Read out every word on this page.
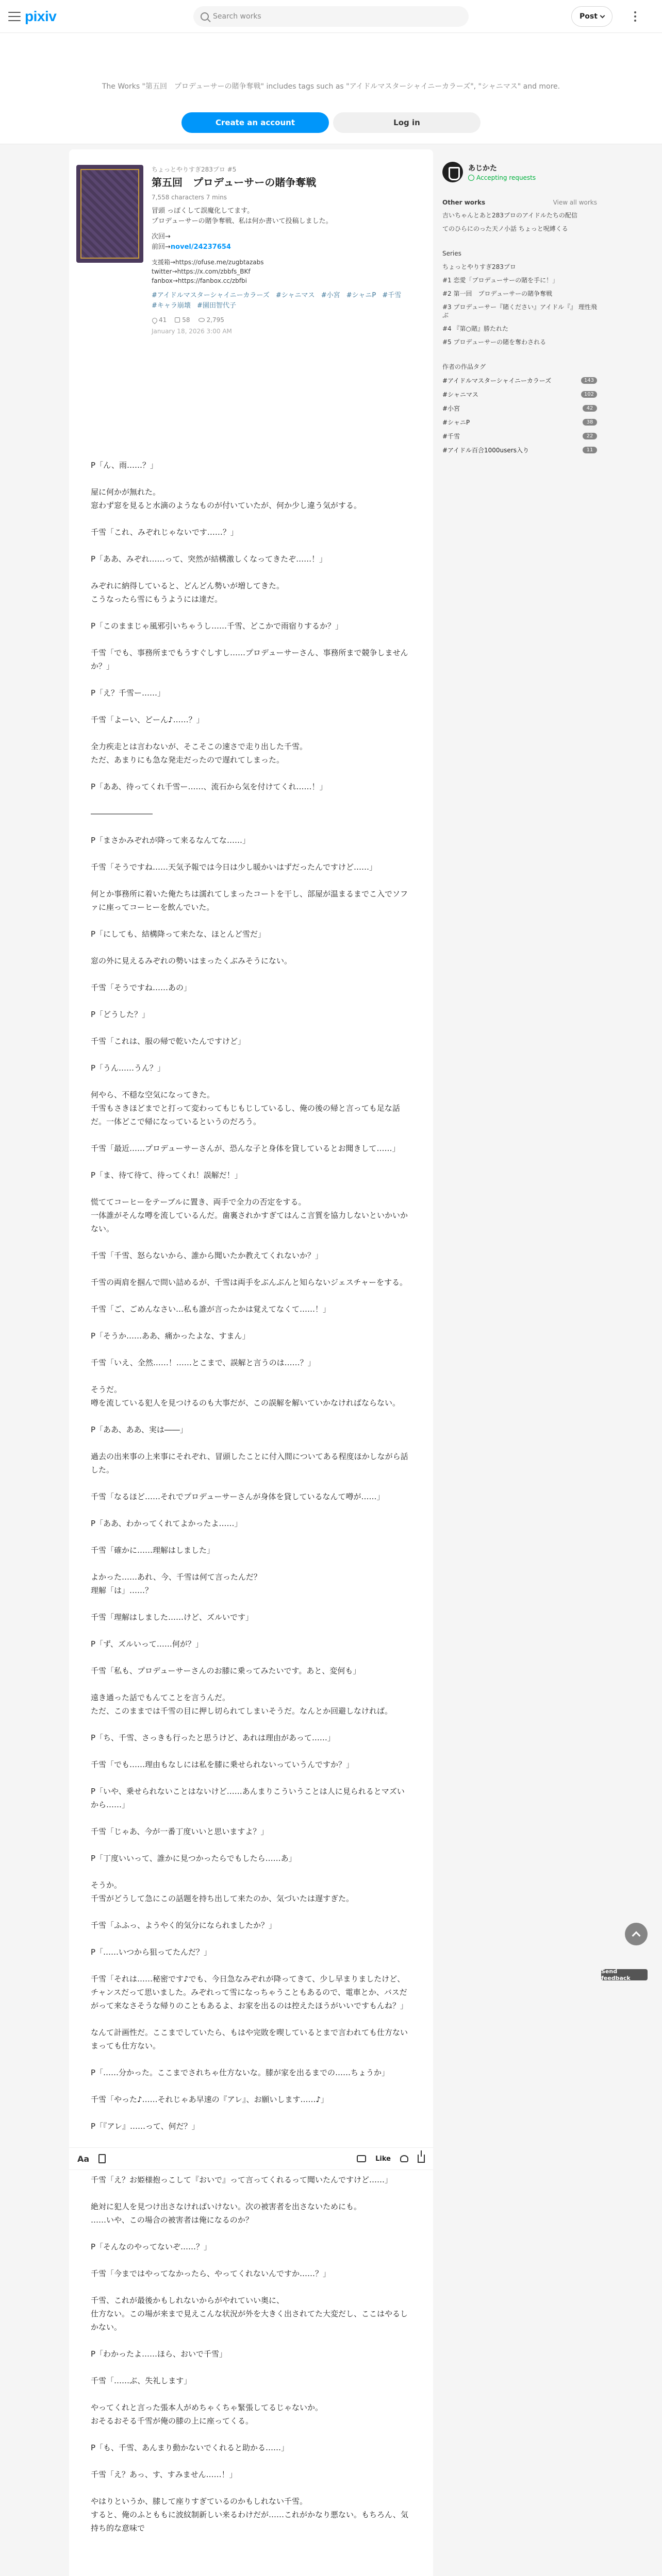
pixiv	Search works	Post
The Works "第五回　プロデューサーの賭争奪戦" includes tags such as "アイドルマスターシャイニーカラーズ", "シャニマス" and more.
Create an account	Log in
ちょっとやりすぎ283プロ #5
第五回　プロデューサーの賭争奪戦
7,558 characters 7 mins
冒頭 っぽくして誤魔化してます。
プロデューサーの賭争奪戦、私は何か書いて投稿しました。
次回→
前回→novel/24237654
支援箱→https://ofuse.me/zugbtazabs
twitter→https://x.com/zbbfs_BKf
fanbox→https://fanbox.cc/zbfbi
#アイドルマスターシャイニーカラーズ #シャニマス #小宮 #シャニP #千雪 #キャラ崩壊 #園田智代子
41	58	2,795
January 18, 2026 3:00 AM

P「ん、雨……？」

屋に何かが無れた。

窓わず窓を見ると水滴のようなものが付いていたが、何か少し違う気がする。

千雪「これ、みぞれじゃないです……？」

P「ああ、みぞれ……って、突然が結構激しくなってきたぞ……！」

みぞれに納得していると、どんどん勢いが増してきた。

こうなったら雪にもうようには達だ。

P「このままじゃ風邪引いちゃうし……千雪、どこかで雨宿りするか？」

千雪「でも、事務所までもうすぐしすし……プロデューサーさん、事務所まで競争しませんか？」

P「え？千雪ー……」

千雪「よーい、どーん♪……？」

全力疾走とは言わないが、そこそこの速さで走り出した千雪。

ただ、あまりにも急な発走だったので遅れてしまった。

P「ああ、待ってくれ千雪ー……、流石から気を付けてくれ……！」

――――――――

P「まさかみぞれが降って来るなんてな……」

千雪「そうですね……天気予報では今日は少し暖かいはずだったんですけど……」

何とか事務所に着いた俺たちは濡れてしまったコートを干し、部屋が温まるまでこ入でソファに座ってコーヒーを飲んでいた。

P「にしても、結構降って来たな、ほとんど雪だ」

窓の外に見えるみぞれの勢いはまったくぶみそうにない。

千雪「そうですね……あの」

P「どうした？」

千雪「これは、服の帰で乾いたんですけど」

P「うん……うん？」

何やら、不穏な空気になってきた。

千雪もさきほどまでと打って変わってもじもじしているし、俺の後の帰と言っても足な話だ。一体どこで帰になっているというのだろう。

千雪「最近……プロデューサーさんが、恐んな子と身体を貸しているとお聞きして……」

P「ま、待て待て、待ってくれ！誤解だ！」

慌ててコーヒーをテーブルに置き、両手で全力の否定をする。

一体誰がそんな噂を流しているんだ。歯裏されかすぎてはんこ言質を協力しないといかいかない。

千雪「千雪、怒らないから、誰から聞いたか教えてくれないか？」

千雪の両肩を掴んで問い詰めるが、千雪は両手をぶんぶんと知らないジェスチャーをする。

千雪「ご、ごめんなさい…私も誰が言ったかは覚えてなくて……！」

P「そうか……ああ、痛かったよな、すまん」

千雪「いえ、全然……！……とこまで、誤解と言うのは……？」

そうだ。

噂を流している犯人を見つけるのも大事だが、この誤解を解いていかなければならない。

P「ああ、ああ、実は――」

過去の出来事の上来事にそれぞれ、冒頭したことに付入間についてある程度ほかしながら話した。

千雪「なるほど……それでプロデューサーさんが身体を貸しているなんて噂が……」

P「ああ、わかってくれてよかったよ……」

千雪「確かに……理解はしました」

よかった……あれ、今、千雪は何て言ったんだ？

理解「は」……？

千雪「理解はしました……けど、ズルいです」

P「ず、ズルいって……何が？」

千雪「私も、プロデューサーさんのお膝に乗ってみたいです。あと、変何も」

遠き通った話でもんてことを言うんだ。

ただ、このままでは千雪の目に押し切られてしまいそうだ。なんとか回避しなければ。

P「ち、千雪、さっきも行ったと思うけど、あれは理由があって……」

千雪「でも……理由もなしには私を膝に乗せられないっていうんですか？」

P「いや、乗せられないことはないけど……あんまりこういうことは人に見られるとマズいから……」

千雪「じゃあ、今が一番丁度いいと思いますよ？」

P「丁度いいって、誰かに見つかったらでもしたら……あ」

そうか。

千雪がどうして急にこの話題を持ち出して来たのか、気づいたは遅すぎた。

千雪「ふふっ、ようやく的気分になられましたか？」

P「……いつから狙ってたんだ？」

千雪「それは……秘密です♪でも、今日急なみぞれが降ってきて、少し早まりましたけど、チャンスだって思いました。みぞれって雪になっちゃうこともあるので、電車とか、バスだがって来なさそうな帰りのこともあるよ、お家を出るのは控えたほうがいいですもんね？」

なんて計画性だ。ここまでしていたら、もはや完敗を喫しているとまで言われても仕方ないまっても仕方ない。

P「……分かった。ここまでされちゃ仕方ないな。膝が家を出るまでの……ちょうか」

千雪「やった♪……それじゃあ早速の『アレ』、お願いします……♪」

P「『アレ』……って、何だ？」

千雪「え？お姫様抱っこして『おいで』って言ってくれるって聞いたんですけど……」

絶対に犯人を見つけ出さなければいけない。次の被害者を出さないためにも。

……いや、この場合の被害者は俺になるのか？

P「そんなのやってないぞ……？」

千雪「今まではやってなかったら、やってくれないんですか……？」

千雪、これが最後かもしれないからがやれていい奥に、

仕方ない。この場が来まで見えこんな状況が外を大きく出されてた大変だし、ここはやるしかない。

P「わかったよ……ほら、おいで千雪」

千雪「……ぶ、失礼します」

やってくれと言った張本人がめちゃくちゃ緊張してるじゃないか。

おそるおそる千雪が俺の膝の上に座ってくる。

P「も、千雪、あんまり動かないでくれると助かる……」

千雪「え？あっ、す、すみません……！」

やはりというか、膝して座りすぎているのかもしれない千雪。

すると、俺のふとももに波紋制新しい来るわけだが……これがかなり悪ない。もちろん、気持ち的な意味で

Aa	Like
あじかた
Accepting requests
Other works	View all works
吉いちゃんとあと283プロのアイドルたちの配信
てのひらにのった天ノ小話 ちょっと呪縛くる
Series
ちょっとやりすぎ283プロ
#1 恋愛「プロデューサーの賭を手に！」
#2 第一回　プロデューサーの賭争奪戦
#3 プロデューサー『賭ください』アイドル『』 理性飛ぶ
#4 『第○賭』勝たれた
#5 プロデューサーの賭を奪わされる
作者の作品タグ
#アイドルマスターシャイニーカラーズ	143
#シャニマス	102
#小宮	42
#シャニP	38
#千雪	22
#アイドル百合1000users入り	11
Send feedback
